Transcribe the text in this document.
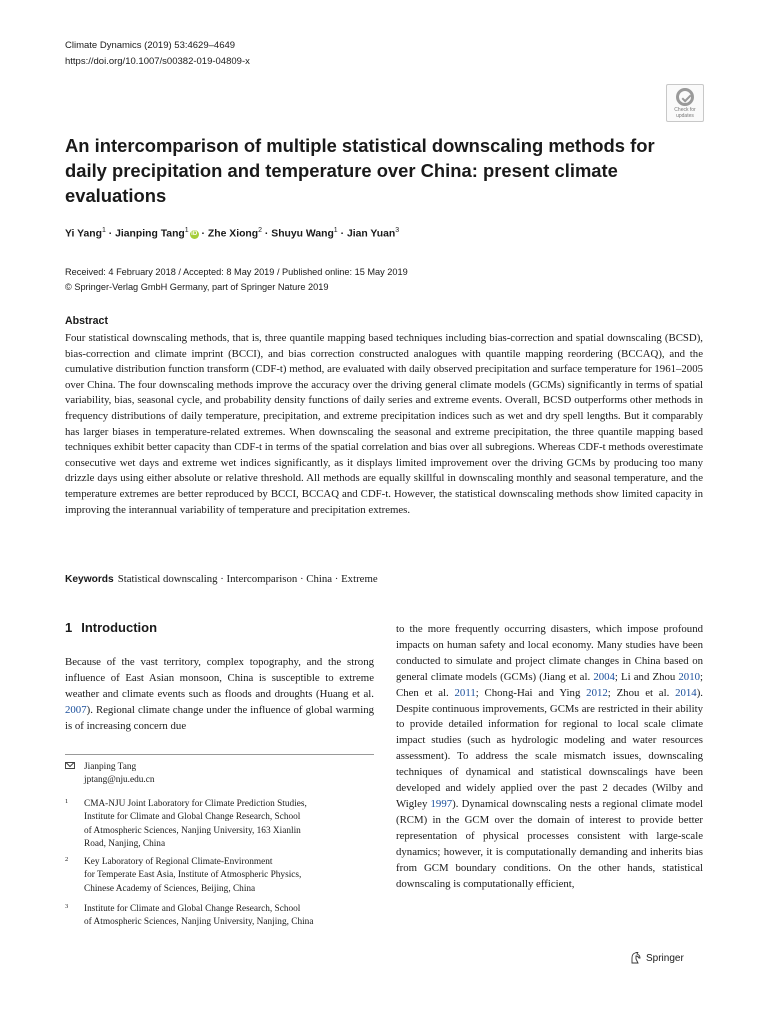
Climate Dynamics (2019) 53:4629–4649
https://doi.org/10.1007/s00382-019-04809-x
Check for
updates
An intercomparison of multiple statistical downscaling methods for daily precipitation and temperature over China: present climate evaluations
Yi Yang$^1$ · Jianping Tang$^1$iD · Zhe Xiong$^2$ · Shuyu Wang$^1$ · Jian Yuan$^3$
Received: 4 February 2018 / Accepted: 8 May 2019 / Published online: 15 May 2019
© Springer-Verlag GmbH Germany, part of Springer Nature 2019
Abstract
Four statistical downscaling methods, that is, three quantile mapping based techniques including bias-correction and spatial downscaling (BCSD), bias-correction and climate imprint (BCCI), and bias correction constructed analogues with quantile mapping reordering (BCCAQ), and the cumulative distribution function transform (CDF-t) method, are evaluated with daily observed precipitation and surface temperature for 1961–2005 over China. The four downscaling methods improve the accuracy over the driving general climate models (GCMs) significantly in terms of spatial variability, bias, seasonal cycle, and probability density functions of daily series and extreme events. Overall, BCSD outperforms other methods in frequency distributions of daily temperature, precipitation, and extreme precipitation indices such as wet and dry spell lengths. But it comparably has larger biases in temperature-related extremes. When downscaling the seasonal and extreme precipitation, the three quantile mapping based techniques exhibit better capacity than CDF-t in terms of the spatial correlation and bias over all subregions. Whereas CDF-t methods overestimate consecutive wet days and extreme wet indices significantly, as it displays limited improvement over the driving GCMs by producing too many drizzle days using either absolute or relative threshold. All methods are equally skillful in downscaling monthly and seasonal temperature, and the temperature extremes are better reproduced by BCCI, BCCAQ and CDF-t. However, the statistical downscaling methods show limited capacity in improving the interannual variability of temperature and precipitation extremes.
Keywords Statistical downscaling · Intercomparison · China · Extreme
1 Introduction
Because of the vast territory, complex topography, and the strong influence of East Asian monsoon, China is susceptible to extreme weather and climate events such as floods and droughts (Huang et al. 2007). Regional climate change under the influence of global warming is of increasing concern due
to the more frequently occurring disasters, which impose profound impacts on human safety and local economy. Many studies have been conducted to simulate and project climate changes in China based on general climate models (GCMs) (Jiang et al. 2004; Li and Zhou 2010; Chen et al. 2011; Chong-Hai and Ying 2012; Zhou et al. 2014). Despite continuous improvements, GCMs are restricted in their ability to provide detailed information for regional to local scale climate impact studies (such as hydrologic modeling and water resources assessment). To address the scale mismatch issues, downscaling techniques of dynamical and statistical downscalings have been developed and widely applied over the past 2 decades (Wilby and Wigley 1997). Dynamical downscaling nests a regional climate model (RCM) in the GCM over the domain of interest to provide better representation of physical processes consistent with large-scale dynamics; however, it is computationally demanding and inherits bias from GCM boundary conditions. On the other hands, statistical downscaling is computationally efficient,
Jianping Tang
jptang@nju.edu.cn
1 CMA-NJU Joint Laboratory for Climate Prediction Studies,
Institute for Climate and Global Change Research, School
of Atmospheric Sciences, Nanjing University, 163 Xianlin
Road, Nanjing, China
2 Key Laboratory of Regional Climate-Environment
for Temperate East Asia, Institute of Atmospheric Physics,
Chinese Academy of Sciences, Beijing, China
3 Institute for Climate and Global Change Research, School
of Atmospheric Sciences, Nanjing University, Nanjing, China
Springer
